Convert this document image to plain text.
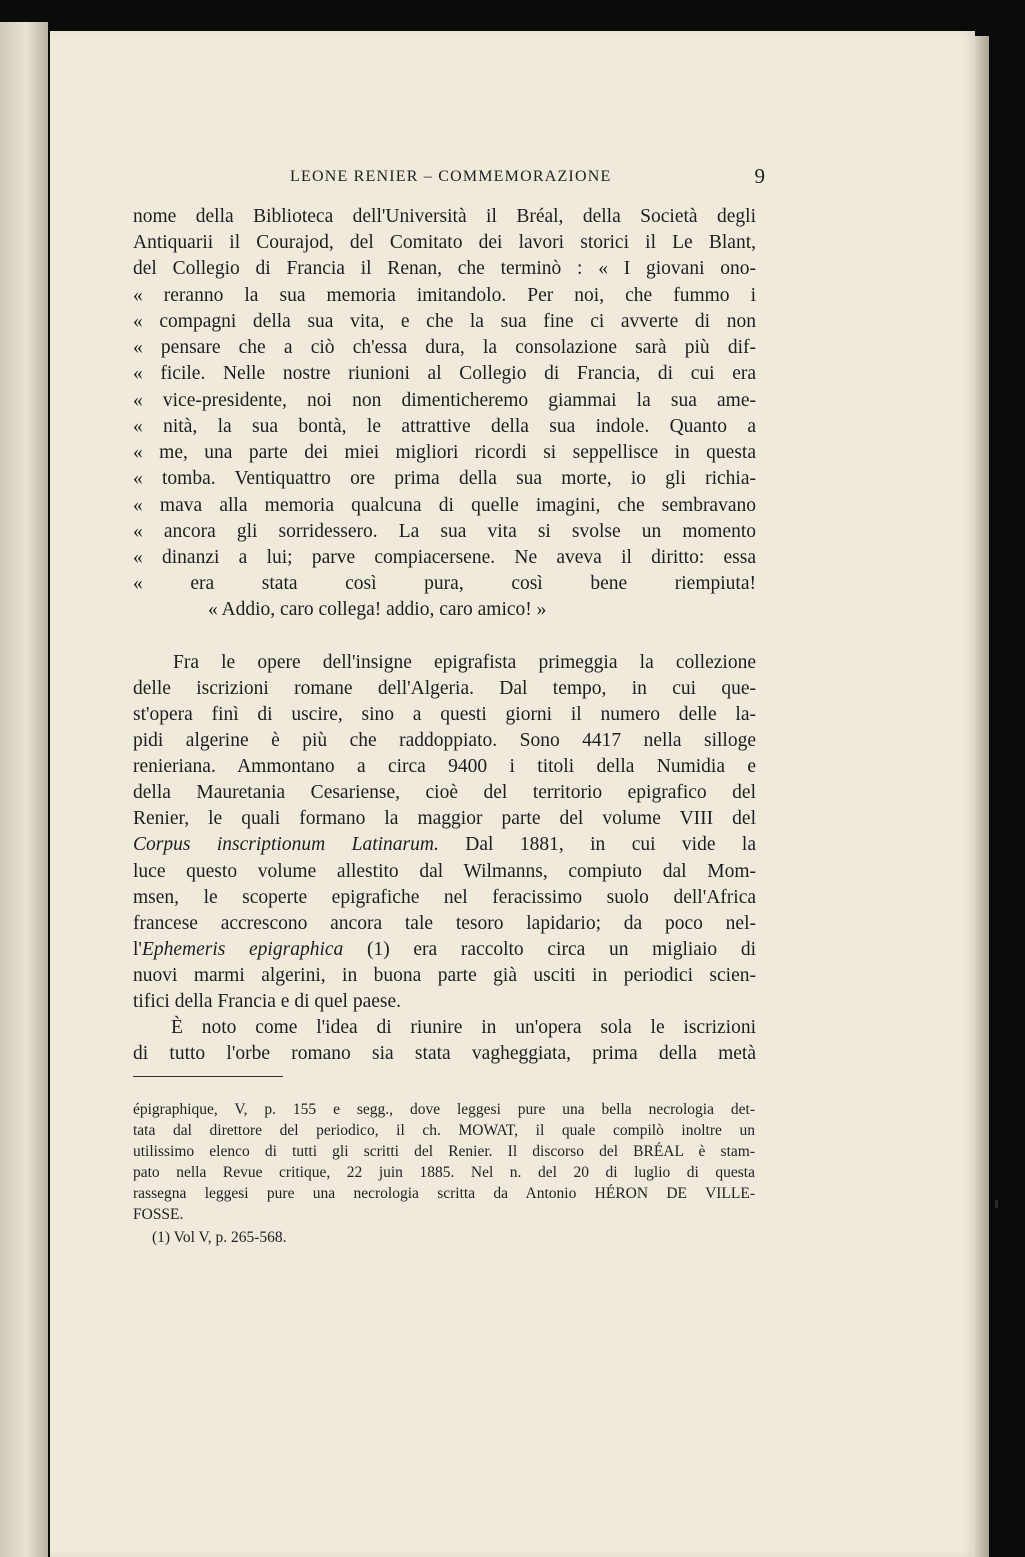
LEONE RENIER – COMMEMORAZIONE	9
nome della Biblioteca dell'Università il Bréal, della Società degli
Antiquarii il Courajod, del Comitato dei lavori storici il Le Blant,
del Collegio di Francia il Renan, che terminò : « I giovani ono-
« reranno la sua memoria imitandolo. Per noi, che fummo i
« compagni della sua vita, e che la sua fine ci avverte di non
« pensare che a ciò ch'essa dura, la consolazione sarà più dif-
« ficile. Nelle nostre riunioni al Collegio di Francia, di cui era
« vice-presidente, noi non dimenticheremo giammai la sua ame-
« nità, la sua bontà, le attrattive della sua indole. Quanto a
« me, una parte dei miei migliori ricordi si seppellisce in questa
« tomba. Ventiquattro ore prima della sua morte, io gli richia-
« mava alla memoria qualcuna di quelle imagini, che sembravano
« ancora gli sorridessero. La sua vita si svolse un momento
« dinanzi a lui; parve compiacersene. Ne aveva il diritto: essa
« era stata così pura, così bene riempiuta!
« Addio, caro collega! addio, caro amico! »
Fra le opere dell'insigne epigrafista primeggia la collezione
delle iscrizioni romane dell'Algeria. Dal tempo, in cui que-
st'opera finì di uscire, sino a questi giorni il numero delle la-
pidi algerine è più che raddoppiato. Sono 4417 nella silloge
renieriana. Ammontano a circa 9400 i titoli della Numidia e
della Mauretania Cesariense, cioè del territorio epigrafico del
Renier, le quali formano la maggior parte del volume VIII del
Corpus inscriptionum Latinarum. Dal 1881, in cui vide la
luce questo volume allestito dal Wilmanns, compiuto dal Mom-
msen, le scoperte epigrafiche nel feracissimo suolo dell'Africa
francese accrescono ancora tale tesoro lapidario; da poco nel-
l'Ephemeris epigraphica (1) era raccolto circa un migliaio di
nuovi marmi algerini, in buona parte già usciti in periodici scien-
tifici della Francia e di quel paese.
È noto come l'idea di riunire in un'opera sola le iscrizioni
di tutto l'orbe romano sia stata vagheggiata, prima della metà
épigraphique, V, p. 155 e segg., dove leggesi pure una bella necrologia det-
tata dal direttore del periodico, il ch. MOWAT, il quale compilò inoltre un
utilissimo elenco di tutti gli scritti del Renier. Il discorso del BRÉAL è stam-
pato nella Revue critique, 22 juin 1885. Nel n. del 20 di luglio di questa
rassegna leggesi pure una necrologia scritta da Antonio HÉRON DE VILLE-
FOSSE.
(1) Vol V, p. 265-568.
